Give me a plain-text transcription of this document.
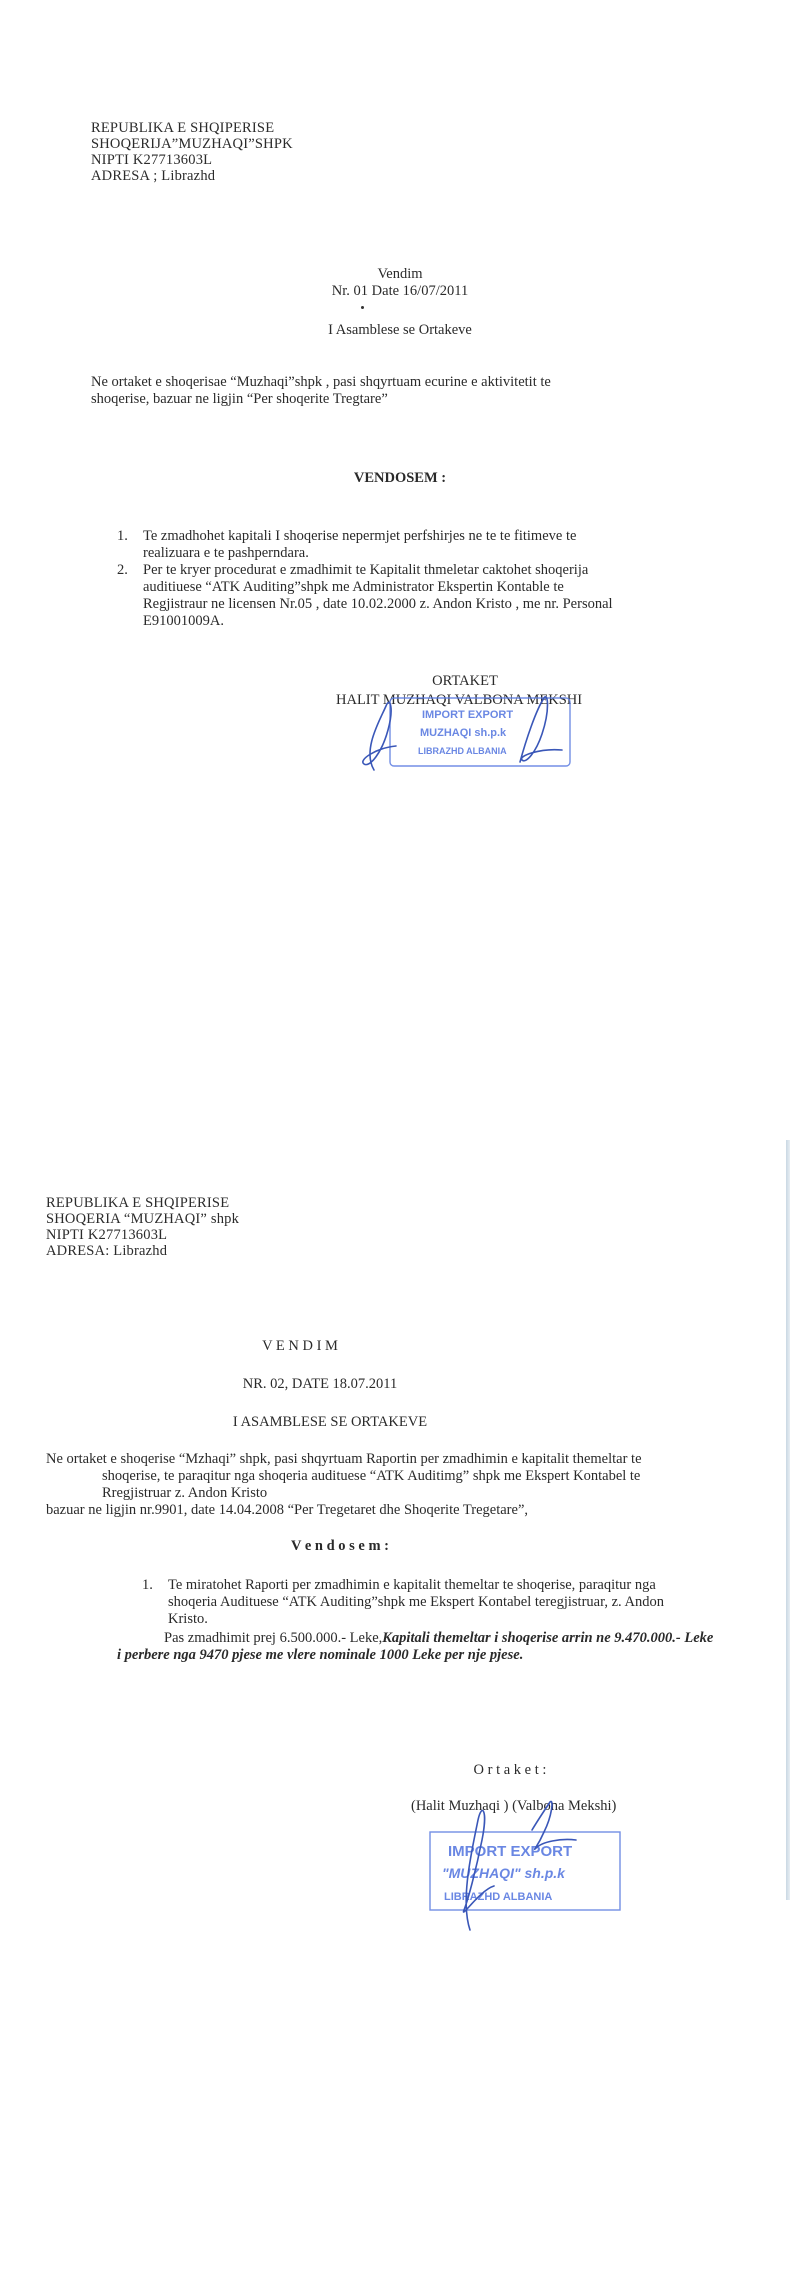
REPUBLIKA E SHQIPERISE
SHOQERIJA”MUZHAQI”SHPK
NIPTI K27713603L
ADRESA ; Librazhd
Vendim
Nr. 01 Date 16/07/2011
I Asamblese se Ortakeve
Ne ortaket e shoqerisae “Muzhaqi”shpk , pasi shqyrtuam ecurine e aktivitetit te
shoqerise, bazuar ne ligjin “Per shoqerite Tregtare”
VENDOSEM :
1. Te zmadhohet kapitali I shoqerise nepermjet perfshirjes ne te te fitimeve te
realizuara e te pashperndara.
2. Per te kryer procedurat e zmadhimit te Kapitalit thmeletar caktohet shoqerija
auditiuese “ATK Auditing”shpk me Administrator Ekspertin Kontable te
Regjistraur ne licensen Nr.05 , date 10.02.2000 z. Andon Kristo , me nr. Personal
E91001009A.
ORTAKET
HALIT MUZHAQI VALBONA MEKSHI
IMPORT EXPORT
MUZHAQI sh.p.k
LIBRAZHD ALBANIA
REPUBLIKA E SHQIPERISE
SHOQERIA “MUZHAQI” shpk
NIPTI K27713603L
ADRESA: Librazhd
V E N D I M
NR. 02, DATE 18.07.2011
I ASAMBLESE SE ORTAKEVE
Ne ortaket e shoqerise “Mzhaqi” shpk, pasi shqyrtuam Raportin per zmadhimin e kapitalit themeltar te
shoqerise, te paraqitur nga shoqeria audituese “ATK Auditimg” shpk me Ekspert Kontabel te
Rregjistruar z. Andon Kristo
bazuar ne ligjin nr.9901, date 14.04.2008 “Per Tregetaret dhe Shoqerite Tregetare”,
V e n d o s e m :
1. Te miratohet Raporti per zmadhimin e kapitalit themeltar te shoqerise, paraqitur nga
shoqeria Audituese “ATK Auditing”shpk me Ekspert Kontabel teregjistruar, z. Andon
Kristo.
Pas zmadhimit prej 6.500.000.- Leke,Kapitali themeltar i shoqerise arrin ne 9.470.000.- Leke
i perbere nga 9470 pjese me vlere nominale 1000 Leke per nje pjese.
O r t a k e t :
(Halit Muzhaqi ) (Valbona Mekshi)
IMPORT EXPORT
"MUZHAQI" sh.p.k
LIBRAZHD ALBANIA
